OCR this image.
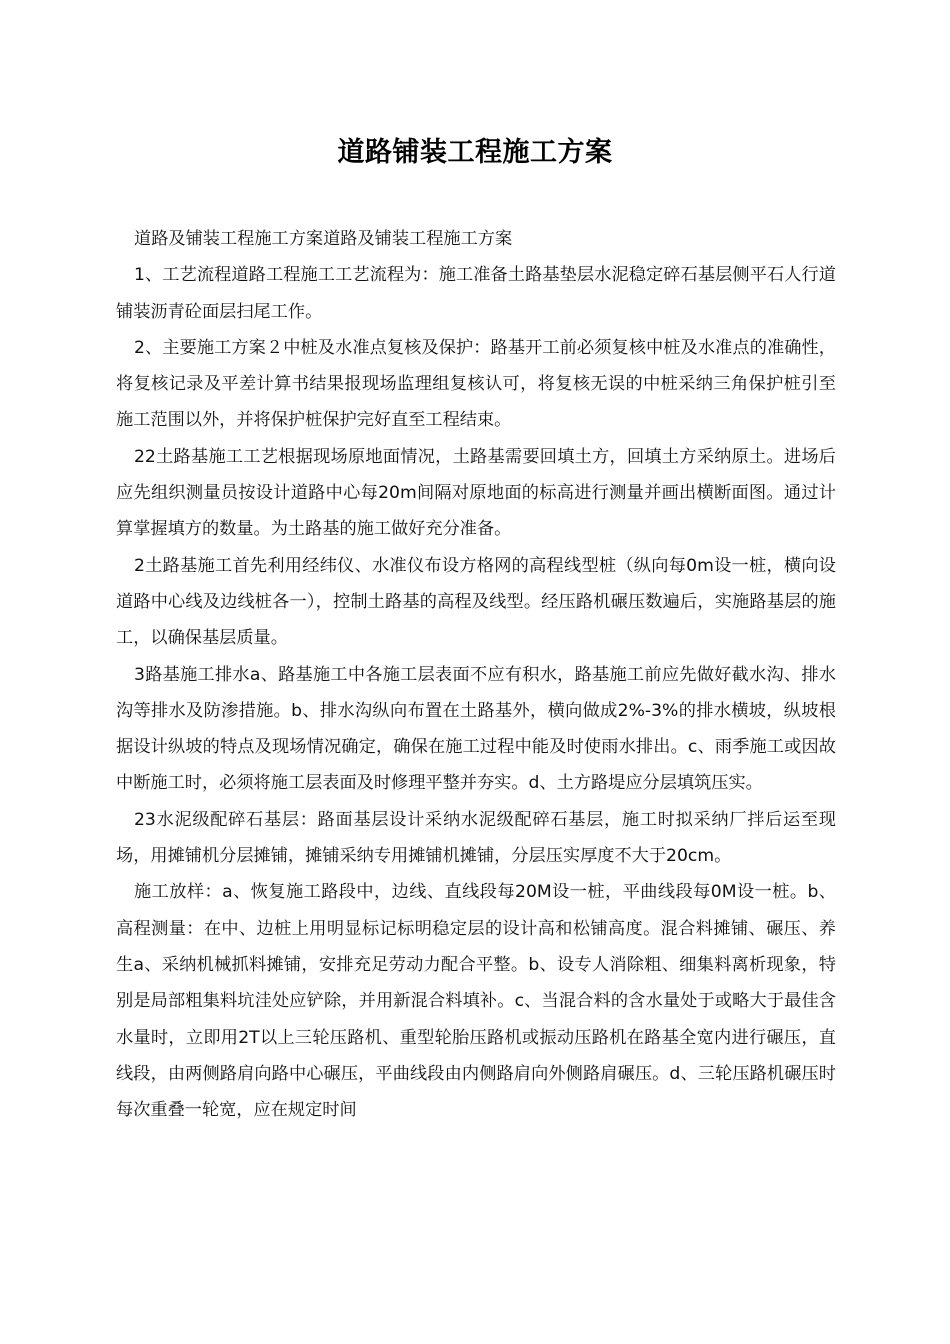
道路铺装工程施工方案

道路及铺装工程施工方案道路及铺装工程施工方案

1、工艺流程道路工程施工工艺流程为：施工准备土路基垫层水泥稳定碎石基层侧平石人行道铺装沥青砼面层扫尾工作。

2、主要施工方案２中桩及水准点复核及保护：路基开工前必须复核中桩及水准点的准确性，将复核记录及平差计算书结果报现场监理组复核认可，将复核无误的中桩采纳三角保护桩引至施工范围以外，并将保护桩保护完好直至工程结束。

22土路基施工工艺根据现场原地面情况，土路基需要回填土方，回填土方采纳原土。进场后应先组织测量员按设计道路中心每20m间隔对原地面的标高进行测量并画出横断面图。通过计算掌握填方的数量。为土路基的施工做好充分准备。

2土路基施工首先利用经纬仪、水准仪布设方格网的高程线型桩（纵向每0m设一桩，横向设道路中心线及边线桩各一），控制土路基的高程及线型。经压路机碾压数遍后，实施路基层的施工，以确保基层质量。

3路基施工排水a、路基施工中各施工层表面不应有积水，路基施工前应先做好截水沟、排水沟等排水及防渗措施。b、排水沟纵向布置在土路基外，横向做成2%-3%的排水横坡，纵坡根据设计纵坡的特点及现场情况确定，确保在施工过程中能及时使雨水排出。c、雨季施工或因故中断施工时，必须将施工层表面及时修理平整并夯实。d、土方路堤应分层填筑压实。

23水泥级配碎石基层：路面基层设计采纳水泥级配碎石基层，施工时拟采纳厂拌后运至现场，用摊铺机分层摊铺，摊铺采纳专用摊铺机摊铺，分层压实厚度不大于20cm。

施工放样：a、恢复施工路段中，边线、直线段每20M设一桩，平曲线段每0M设一桩。b、高程测量：在中、边桩上用明显标记标明稳定层的设计高和松铺高度。混合料摊铺、碾压、养生a、采纳机械抓料摊铺，安排充足劳动力配合平整。b、设专人消除粗、细集料离析现象，特别是局部粗集料坑洼处应铲除，并用新混合料填补。c、当混合料的含水量处于或略大于最佳含水量时，立即用2T以上三轮压路机、重型轮胎压路机或振动压路机在路基全宽内进行碾压，直线段，由两侧路肩向路中心碾压，平曲线段由内侧路肩向外侧路肩碾压。d、三轮压路机碾压时每次重叠一轮宽，应在规定时间
